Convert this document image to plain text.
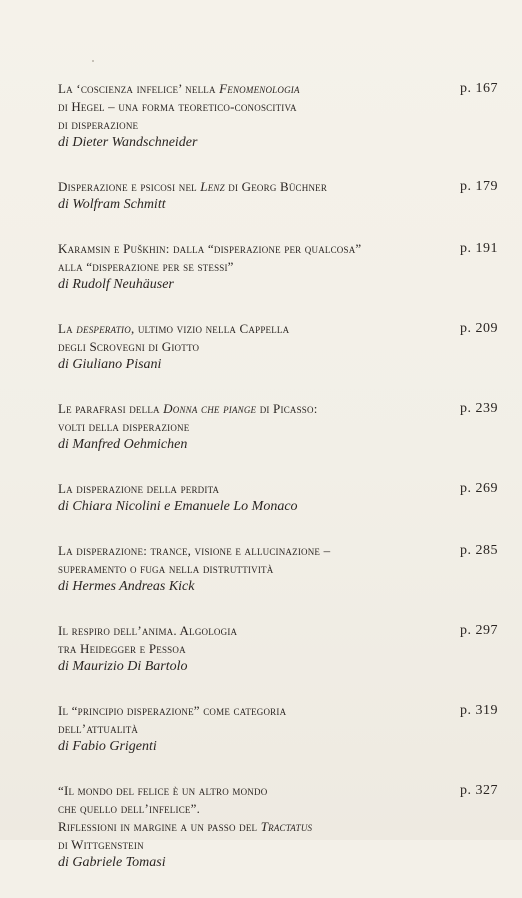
La ‘coscienza infelice’ nella Fenomenologia
di Hegel – una forma teoretico-conoscitiva
di disperazione
di Dieter Wandschneider
p. 167
Disperazione e psicosi nel Lenz di Georg Büchner
di Wolfram Schmitt
p. 179
Karamsin e Puškhin: dalla “disperazione per qualcosa”
alla “disperazione per se stessi”
di Rudolf Neuhäuser
p. 191
La desperatio, ultimo vizio nella Cappella
degli Scrovegni di Giotto
di Giuliano Pisani
p. 209
Le parafrasi della Donna che piange di Picasso:
volti della disperazione
di Manfred Oehmichen
p. 239
La disperazione della perdita
di Chiara Nicolini e Emanuele Lo Monaco
p. 269
La disperazione: trance, visione e allucinazione –
superamento o fuga nella distruttività
di Hermes Andreas Kick
p. 285
Il respiro dell’anima. Algologia
tra Heidegger e Pessoa
di Maurizio Di Bartolo
p. 297
Il “principio disperazione” come categoria
dell’attualità
di Fabio Grigenti
p. 319
“Il mondo del felice è un altro mondo
che quello dell’infelice”.
Riflessioni in margine a un passo del Tractatus
di Wittgenstein
di Gabriele Tomasi
p. 327
